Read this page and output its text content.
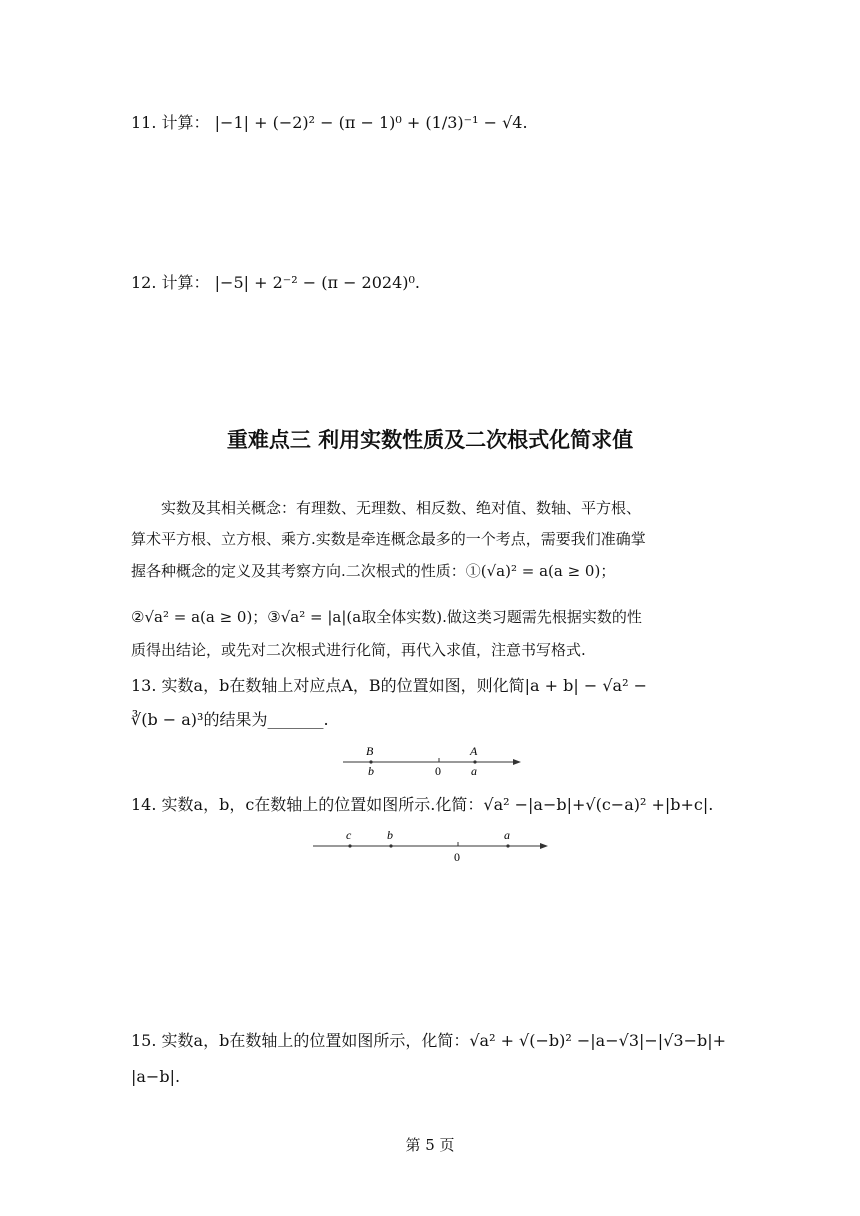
11. 计算： |−1| + (−2)² − (π − 1)⁰ + (1/3)⁻¹ − √4.
12. 计算： |−5| + 2⁻² − (π − 2024)⁰.
重难点三 利用实数性质及二次根式化简求值
实数及其相关概念：有理数、无理数、相反数、绝对值、数轴、平方根、
算术平方根、立方根、乘方.实数是牵连概念最多的一个考点，需要我们准确掌
握各种概念的定义及其考察方向.二次根式的性质：①(√a)² = a(a ≥ 0)；
②√a² = a(a ≥ 0)；③√a² = |a|(a取全体实数).做这类习题需先根据实数的性
质得出结论，或先对二次根式进行化简，再代入求值，注意书写格式.
13. 实数a，b在数轴上对应点A，B的位置如图，则化简|a + b| − √a² −
∛(b − a)³的结果为_______.
B	A
b	0	a
14. 实数a，b，c在数轴上的位置如图所示.化简：√a² −|a−b|+√(c−a)² +|b+c|.
c	b	a
0
15. 实数a，b在数轴上的位置如图所示，化简：√a² + √(−b)² −|a−√3|−|√3−b|+
|a−b|.
第 5 页
